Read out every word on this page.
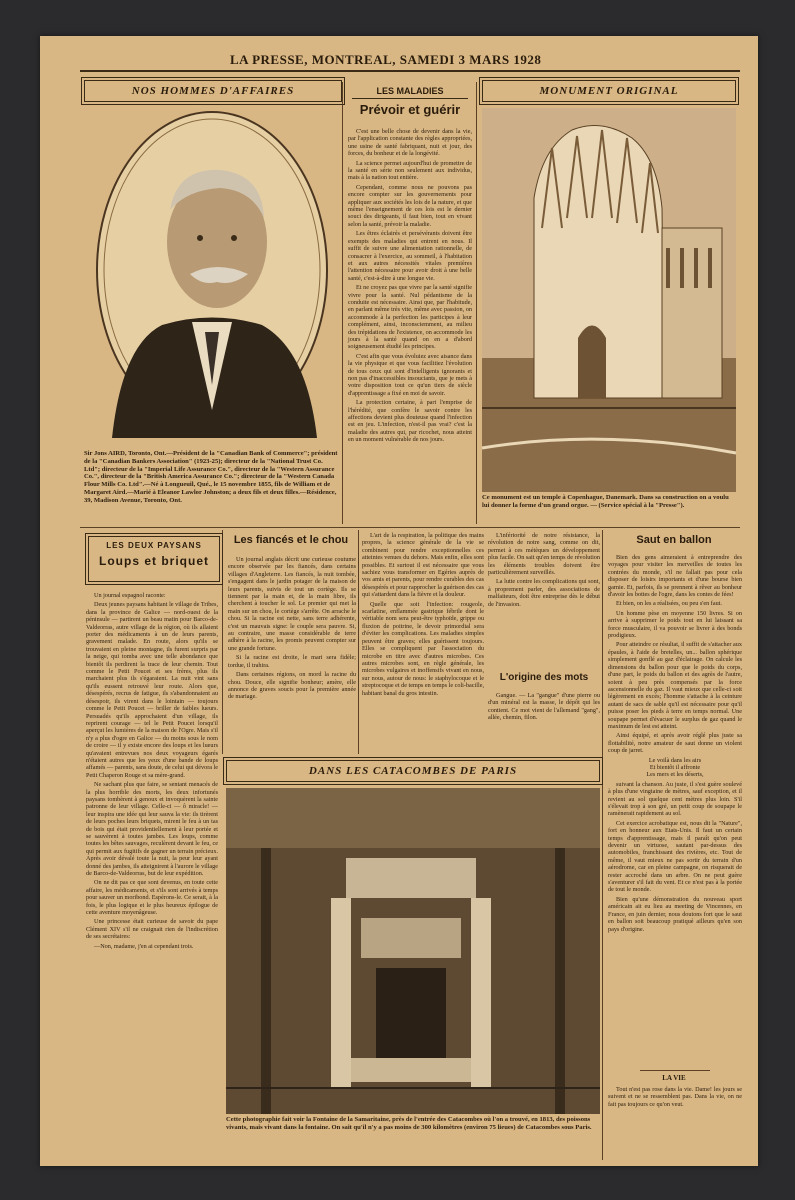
LA PRESSE, MONTREAL, SAMEDI 3 MARS 1928
NOS HOMMES D'AFFAIRES
Sir Jons AIRD, Toronto, Ont.—Président de la "Canadian Bank of Commerce"; président de la "Canadian Bankers Association" (1923-25); directeur de la "National Trust Co. Ltd"; directeur de la "Imperial Life Assurance Co.", directeur de la "Western Assurance Co.", directeur de la "British America Assurance Co."; directeur de la "Western Canada Flour Mills Co. Ltd".—Né à Longueuil, Qué., le 15 novembre 1855, fils de William et de Margaret Aird.—Marié à Eleanor Lawlor Johnston; a deux fils et deux filles.—Résidence, 39, Madison Avenue, Toronto, Ont.
LES MALADIES
Prévoir et guérir

C'est une belle chose de devenir dans la vie, par l'application constante des règles appropriées, une usine de santé fabriquant, nuit et jour, des forces, du bonheur et de la longévité.

La science permet aujourd'hui de promettre de la santé en série non seulement aux individus, mais à la nation tout entière.

Cependant, comme nous ne pouvons pas encore compter sur les gouvernements pour appliquer aux sociétés les lois de la nature, et que même l'enseignement de ces lois est le dernier souci des dirigeants, il faut bien, tout en vivant selon la santé, prévoir la maladie.

Les êtres éclairés et persévérants doivent être exempts des maladies qui entrent en nous. Il suffit de suivre une alimentation rationnelle, de consacrer à l'exercice, au sommeil, à l'habitation et aux autres nécessités vitales premières l'attention nécessaire pour avoir droit à une belle santé, c'est-à-dire à une longue vie.

Et ne croyez pas que vivre par la santé signifie vivre pour la santé. Nul pédantisme de la conduite est nécessaire. Ainsi que, par l'habitude, en parlant même très vite, même avec passion, on accommode à la perfection les participes à leur complément, ainsi, inconsciemment, au milieu des trépidations de l'existence, on accommode les jours à la santé quand on en a d'abord soigneusement étudié les principes.

C'est afin que vous évoluiez avec aisance dans la vie physique et que vous facilitiez l'évolution de tous ceux qui sont d'intelligents ignorants et non pas d'inaccessibles insouciants, que je mets à votre disposition tout ce qu'un tiers de siècle d'apprentissage a fixé en moi de savoir.

La protection certaine, à part l'emprise de l'hérédité, que confère le savoir contre les affections devient plus douteuse quand l'infection est en jeu. L'infection, n'est-il pas vrai? c'est la maladie des autres qui, par ricochet, nous atteint en un moment vulnérable de nos jours.

MONUMENT ORIGINAL
Ce monument est un temple à Copenhague, Danemark. Dans sa construction on a voulu lui donner la forme d'un grand orgue. — (Service spécial à la "Presse").
LES DEUX PAYSANS
Loups et briquet

Un journal espagnol raconte:

Deux jeunes paysans habitant le village de Tribes, dans la province de Galice — nord-ouest de la péninsule — partirent un beau matin pour Barco-de-Valdeorras, autre village de la région, où ils allaient porter des médicaments à un de leurs parents, gravement malade. En route, alors qu'ils se trouvaient en pleine montagne, ils furent surpris par la neige, qui tomba avec une telle abondance que bientôt ils perdirent la trace de leur chemin. Tout comme le Petit Poucet et ses frères, plus ils marchaient plus ils s'égaraient. La nuit vint sans qu'ils eussent retrouvé leur route. Alors que, désespérés, recrus de fatigue, ils s'abandonnaient au désespoir, ils virent dans le lointain — toujours comme le Petit Poucet — briller de faibles lueurs. Persuadés qu'ils approchaient d'un village, ils reprirent courage — tel le Petit Poucet lorsqu'il aperçut les lumières de la maison de l'Ogre. Mais s'il n'y a plus d'ogre en Galice — du moins sous le nom de croire — il y existe encore des loups et les lueurs qu'avaient entrevues nos deux voyageurs égarés n'étaient autres que les yeux d'une bande de loups affamés — parents, sans doute, de celui qui dévora le Petit Chaperon Rouge et sa mère-grand.

Ne sachant plus que faire, se sentant menacés de la plus horrible des morts, les deux infortunés paysans tombèrent à genoux et invoquèrent la sainte patronne de leur village. Celle-ci — ô miracle! — leur inspira une idée qui leur sauva la vie: ils tirèrent de leurs poches leurs briquets, mirent le feu à un tas de bois qui était providentiellement à leur portée et se sauvèrent à toutes jambes. Les loups, comme toutes les bêtes sauvages, reculèrent devant le feu, ce qui permit aux fugitifs de gagner un terrain précieux. Après avoir dévalé toute la nuit, la peur leur ayant donné des jambes, ils atteignirent à l'aurore le village de Barco-de-Valdeorras, but de leur expédition.

On ne dit pas ce que sont devenus, en toute cette affaire, les médicaments, et s'ils sont arrivés à temps pour sauver un moribond. Espérons-le. Ce serait, à la fois, le plus logique et le plus heureux épilogue de cette aventure moyenâgeuse.

Une princesse était curieuse de savoir du pape Clément XIV s'il ne craignait rien de l'indiscrétion de ses secrétaires:

—Non, madame, j'en ai cependant trois.

Les fiancés et le chou

Un journal anglais décrit une curieuse coutume encore observée par les fiancés, dans certains villages d'Angleterre. Les fiancés, la nuit tombée, s'engagent dans le jardin potager de la maison de leurs parents, suivis de tout un cortège. Ils se tiennent par la main et, de la main libre, ils cherchent à toucher le sol. Le premier qui met la main sur un chou, le cortège s'arrête. On arrache le chou. Si la racine est nette, sans terre adhérente, c'est un mauvais signe: le couple sera pauvre. Si, au contraire, une masse considérable de terre adhère à la racine, les promis peuvent compter sur une grande fortune.

Si la racine est droite, le mari sera fidèle; tordue, il trahira.

Dans certaines régions, on mord la racine du chou. Douce, elle signifie bonheur; amère, elle annonce de graves soucis pour la première année de mariage.

L'art de la respiration, la politique des mains propres, la science générale de la vie se combinent pour rendre exceptionnelles ces atteintes venues du dehors. Mais enfin, elles sont possibles. Et surtout il est nécessaire que vous sachiez vous transformer en Egéries auprès de vos amis et parents, pour rendre curables des cas désespérés et pour rapprocher la guérison des cas qui s'attardent dans la fièvre et la douleur.

Quelle que soit l'infection: rougeole, scarlatine, enflammée gastrique fébrile dont le véritable nom sera peut-être typhoïde, grippe ou fluxion de poitrine, le devoir primordial sera d'éviter les complications. Les maladies simples peuvent être graves; elles guérissent toujours. Elles se compliquent par l'association du microbe en titre avec d'autres microbes. Ces autres microbes sont, en règle générale, les microbes vulgaires et inoffensifs vivant en nous, sur nous, autour de nous: le staphylocoque et le streptocoque et de temps en temps le coli-bacille, habitant banal du gros intestin.

L'infériorité de notre résistance, la révolution de notre sang, comme on dit, permet à ces métèques un développement plus facile. On sait qu'en temps de révolution les éléments troubles doivent être particulièrement surveillés.

La lutte contre les complications qui sont, à proprement parler, des associations de malfaiteurs, doit être entreprise dès le début de l'invasion.

L'origine des mots

Gangue. — La "gangue" d'une pierre ou d'un minéral est la masse, le dépôt qui les contient. Ce mot vient de l'allemand "gang", allée, chemin, filon.

Saut en ballon

Bien des gens aimeraient à entreprendre des voyages pour visiter les merveilles de toutes les contrées du monde, s'il ne fallait pas pour cela disposer de loisirs importants et d'une bourse bien garnie. Et, parfois, ils se prennent à rêver au bonheur d'avoir les bottes de l'ogre, dans les contes de fées!

Et bien, on les a réalisées, ou peu s'en faut.

Un homme pèse en moyenne 150 livres. Si on arrive à supprimer le poids tout en lui laissant sa force musculaire, il va pouvoir se livrer à des bonds prodigieux.

Pour atteindre ce résultat, il suffit de s'attacher aux épaules, à l'aide de bretelles, un... ballon sphérique simplement gonflé au gaz d'éclairage. On calcule les dimensions du ballon pour que le poids du corps, d'une part, le poids du ballon et des agrès de l'autre, soient à peu près compensés par la force ascensionnelle du gaz. Il vaut mieux que celle-ci soit légèrement en excès; l'homme s'attache à la ceinture autant de sacs de sable qu'il est nécessaire pour qu'il puisse poser les pieds à terre en temps normal. Une soupape permet d'évacuer le surplus de gaz quand le maximum de lest est atteint.

Ainsi équipé, et après avoir réglé plus juste sa flottabilité, notre amateur de saut donne un violent coup de jarret.

Le voilà dans les airs
Et bientôt il affronte
Les mers et les déserts,

suivant la chanson. Au juste, il s'est guère soulevé à plus d'une vingtaine de mètres, sauf exception, et il revient au sol quelque cent mètres plus loin. S'il s'élevait trop à son gré, un petit coup de soupape le ramènerait rapidement au sol.

Cet exercice acrobatique est, nous dit la "Nature", fort en honneur aux Etats-Unis. Il faut un certain temps d'apprentissage, mais il paraît qu'on peut devenir un virtuose, sautant par-dessus des automobiles, franchissant des rivières, etc. Tout de même, il vaut mieux ne pas sortir du terrain d'un aérodrome, car en pleine campagne, on risquerait de rester accroché dans un arbre. On ne peut guère s'aventurer s'il fait du vent. Et ce n'est pas à la portée de tout le monde.

Bien qu'une démonstration du nouveau sport américain ait eu lieu au meeting de Vincennes, en France, en juin dernier, nous doutons fort que le saut en ballon soit beaucoup pratiqué ailleurs qu'en son pays d'origine.

LA VIE

Tout n'est pas rose dans la vie. Dame! les jours se suivent et ne se ressemblent pas. Dans la vie, on ne fait pas toujours ce qu'on veut.

DANS LES CATACOMBES DE PARIS
Cette photographie fait voir la Fontaine de la Samaritaine, près de l'entrée des Catacombes où l'on a trouvé, en 1813, des poissons vivants, mais vivant dans la fontaine. On sait qu'il n'y a pas moins de 300 kilomètres (environ 75 lieues) de Catacombes sous Paris.
